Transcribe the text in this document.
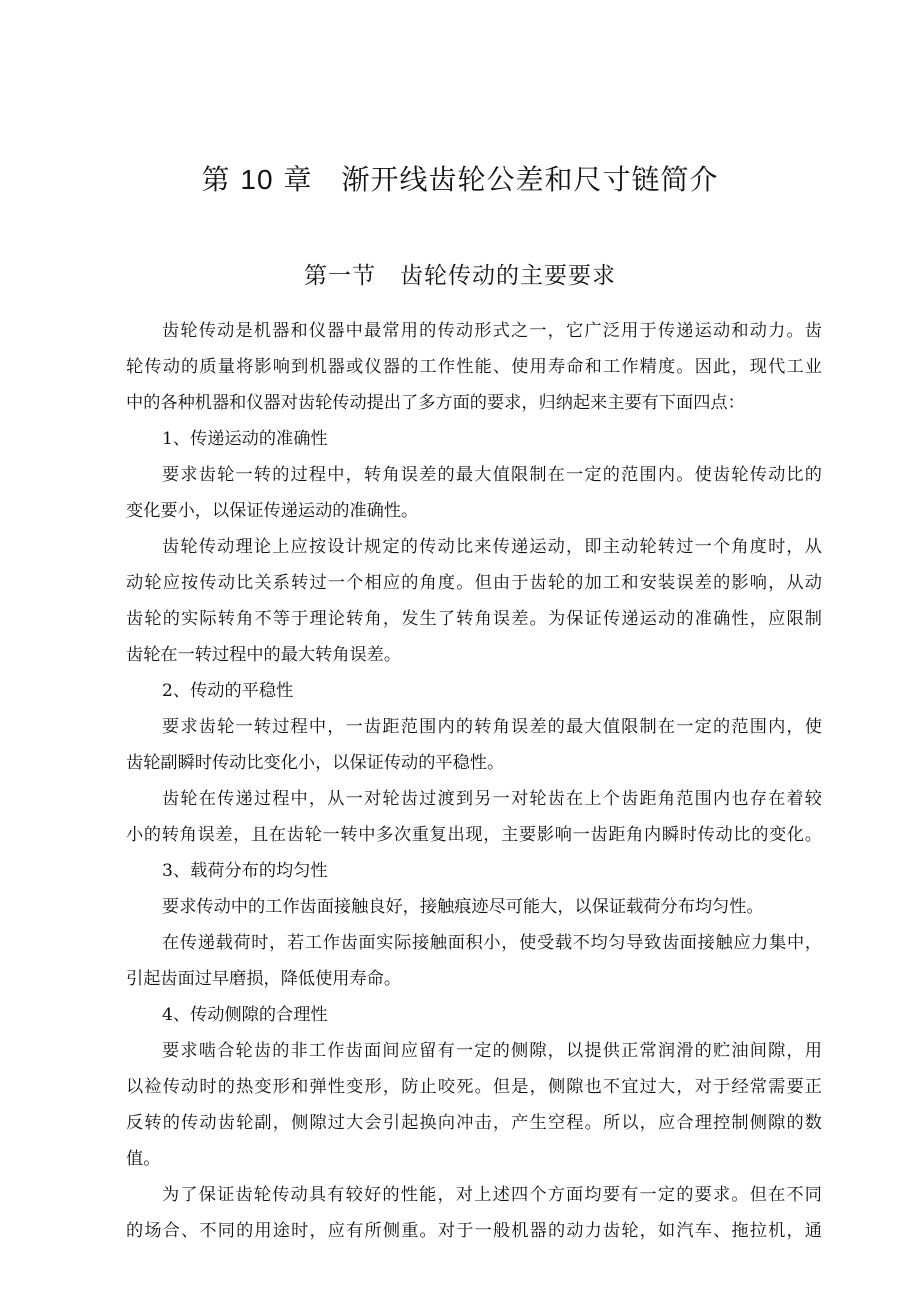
第 10 章　 渐开线齿轮公差和尺寸链简介
第一节　 齿轮传动的主要要求
齿轮传动是机器和仪器中最常用的传动形式之一，它广泛用于传递运动和动力。齿
轮传动的质量将影响到机器或仪器的工作性能、使用寿命和工作精度。因此，现代工业
中的各种机器和仪器对齿轮传动提出了多方面的要求，归纳起来主要有下面四点：
1、传递运动的准确性
要求齿轮一转的过程中，转角误差的最大值限制在一定的范围内。使齿轮传动比的
变化要小，以保证传递运动的准确性。
齿轮传动理论上应按设计规定的传动比来传递运动，即主动轮转过一个角度时，从
动轮应按传动比关系转过一个相应的角度。但由于齿轮的加工和安装误差的影响，从动
齿轮的实际转角不等于理论转角，发生了转角误差。为保证传递运动的准确性，应限制
齿轮在一转过程中的最大转角误差。
2、传动的平稳性
要求齿轮一转过程中，一齿距范围内的转角误差的最大值限制在一定的范围内，使
齿轮副瞬时传动比变化小，以保证传动的平稳性。
齿轮在传递过程中，从一对轮齿过渡到另一对轮齿在上个齿距角范围内也存在着较
小的转角误差，且在齿轮一转中多次重复出现，主要影响一齿距角内瞬时传动比的变化。
3、载荷分布的均匀性
要求传动中的工作齿面接触良好，接触痕迹尽可能大，以保证载荷分布均匀性。
在传递载荷时，若工作齿面实际接触面积小，使受载不均匀导致齿面接触应力集中，
引起齿面过早磨损，降低使用寿命。
4、传动侧隙的合理性
要求啮合轮齿的非工作齿面间应留有一定的侧隙，以提供正常润滑的贮油间隙，用
以裣传动时的热变形和弹性变形，防止咬死。但是，侧隙也不宜过大，对于经常需要正
反转的传动齿轮副，侧隙过大会引起换向冲击，产生空程。所以，应合理控制侧隙的数
值。
为了保证齿轮传动具有较好的性能，对上述四个方面均要有一定的要求。但在不同
的场合、不同的用途时，应有所侧重。对于一般机器的动力齿轮，如汽车、拖拉机，通
